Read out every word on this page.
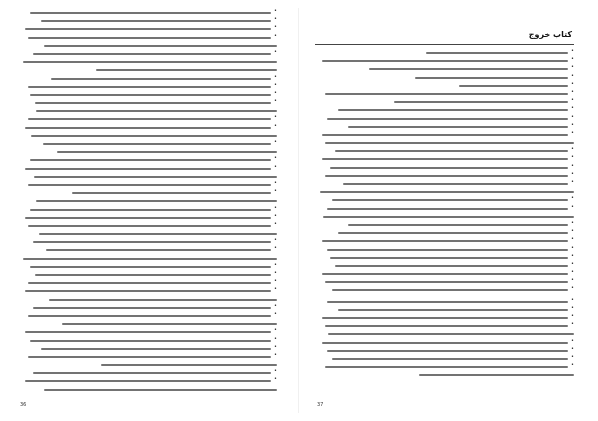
•
•
•
•
•
•
•
•
•
•
•
•
•
•
•
•
•
•
•
•
•
•
•
•
•
•
•
•
•
•
•
•
•
36
کتاب خروج
•
•
•
•
•
•
•
•
•
•
•
•
•
•
•
•
•
•
•
•
•
•
•
•
•
•
•
•
•
•
•
•
•
•
•
37
